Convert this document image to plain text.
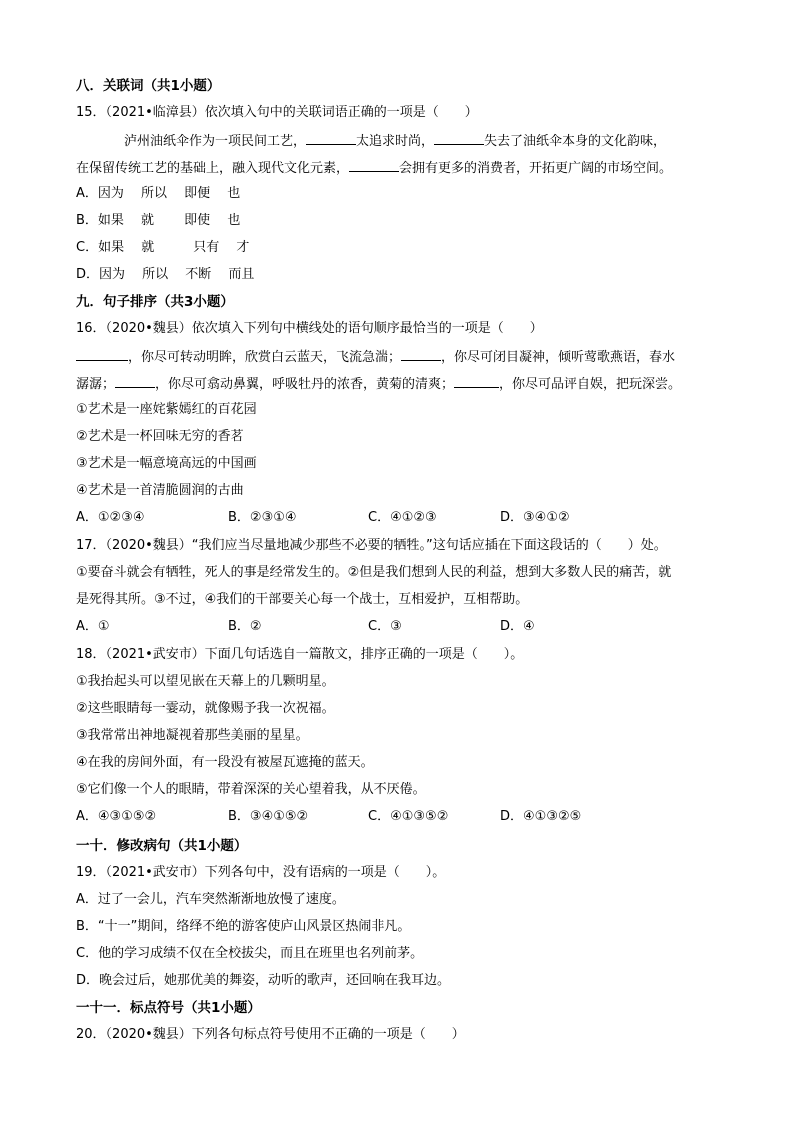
八．关联词（共1小题）
15．（2021•临漳县）依次填入句中的关联词语正确的一项是（　　）
泸州油纸伞作为一项民间工艺，	太追求时尚，	失去了油纸伞本身的文化韵味，
在保留传统工艺的基础上，融入现代文化元素，	会拥有更多的消费者，开拓更广阔的市场空间。
A．因为　 所以　 即便　 也
B．如果　 就　　 即使　 也
C．如果　 就　　　只有　 才
D．因为　 所以　 不断　 而且
九．句子排序（共3小题）
16．（2020•魏县）依次填入下列句中横线处的语句顺序最恰当的一项是（　　）
，你尽可转动明眸，欣赏白云蓝天，飞流急湍；	，你尽可闭目凝神，倾听莺歌燕语，春水
潺潺；	，你尽可翕动鼻翼，呼吸牡丹的浓香，黄菊的清爽；	，你尽可品评自娱，把玩深尝。
①艺术是一座姹紫嫣红的百花园
②艺术是一杯回味无穷的香茗
③艺术是一幅意境高远的中国画
④艺术是一首清脆圆润的古曲
A．①②③④	B．②③①④	C．④①②③	D．③④①②
17．（2020•魏县）“我们应当尽量地减少那些不必要的牺牲。”这句话应插在下面这段话的（　　）处。
①要奋斗就会有牺牲，死人的事是经常发生的。②但是我们想到人民的利益，想到大多数人民的痛苦，就
是死得其所。③不过，④我们的干部要关心每一个战士，互相爱护，互相帮助。
A．①	B．②	C．③	D．④
18．（2021•武安市）下面几句话选自一篇散文，排序正确的一项是（　　）。
①我抬起头可以望见嵌在天幕上的几颗明星。
②这些眼睛每一霎动，就像赐予我一次祝福。
③我常常出神地凝视着那些美丽的星星。
④在我的房间外面，有一段没有被屋瓦遮掩的蓝天。
⑤它们像一个人的眼睛，带着深深的关心望着我，从不厌倦。
A．④③①⑤②	B．③④①⑤②	C．④①③⑤②	D．④①③②⑤
一十．修改病句（共1小题）
19．（2021•武安市）下列各句中，没有语病的一项是（　　）。
A．过了一会儿，汽车突然渐渐地放慢了速度。
B．“十一”期间，络绎不绝的游客使庐山风景区热闹非凡。
C．他的学习成绩不仅在全校拔尖，而且在班里也名列前茅。
D．晚会过后，她那优美的舞姿，动听的歌声，还回响在我耳边。
一十一．标点符号（共1小题）
20．（2020•魏县）下列各句标点符号使用不正确的一项是（　　）
